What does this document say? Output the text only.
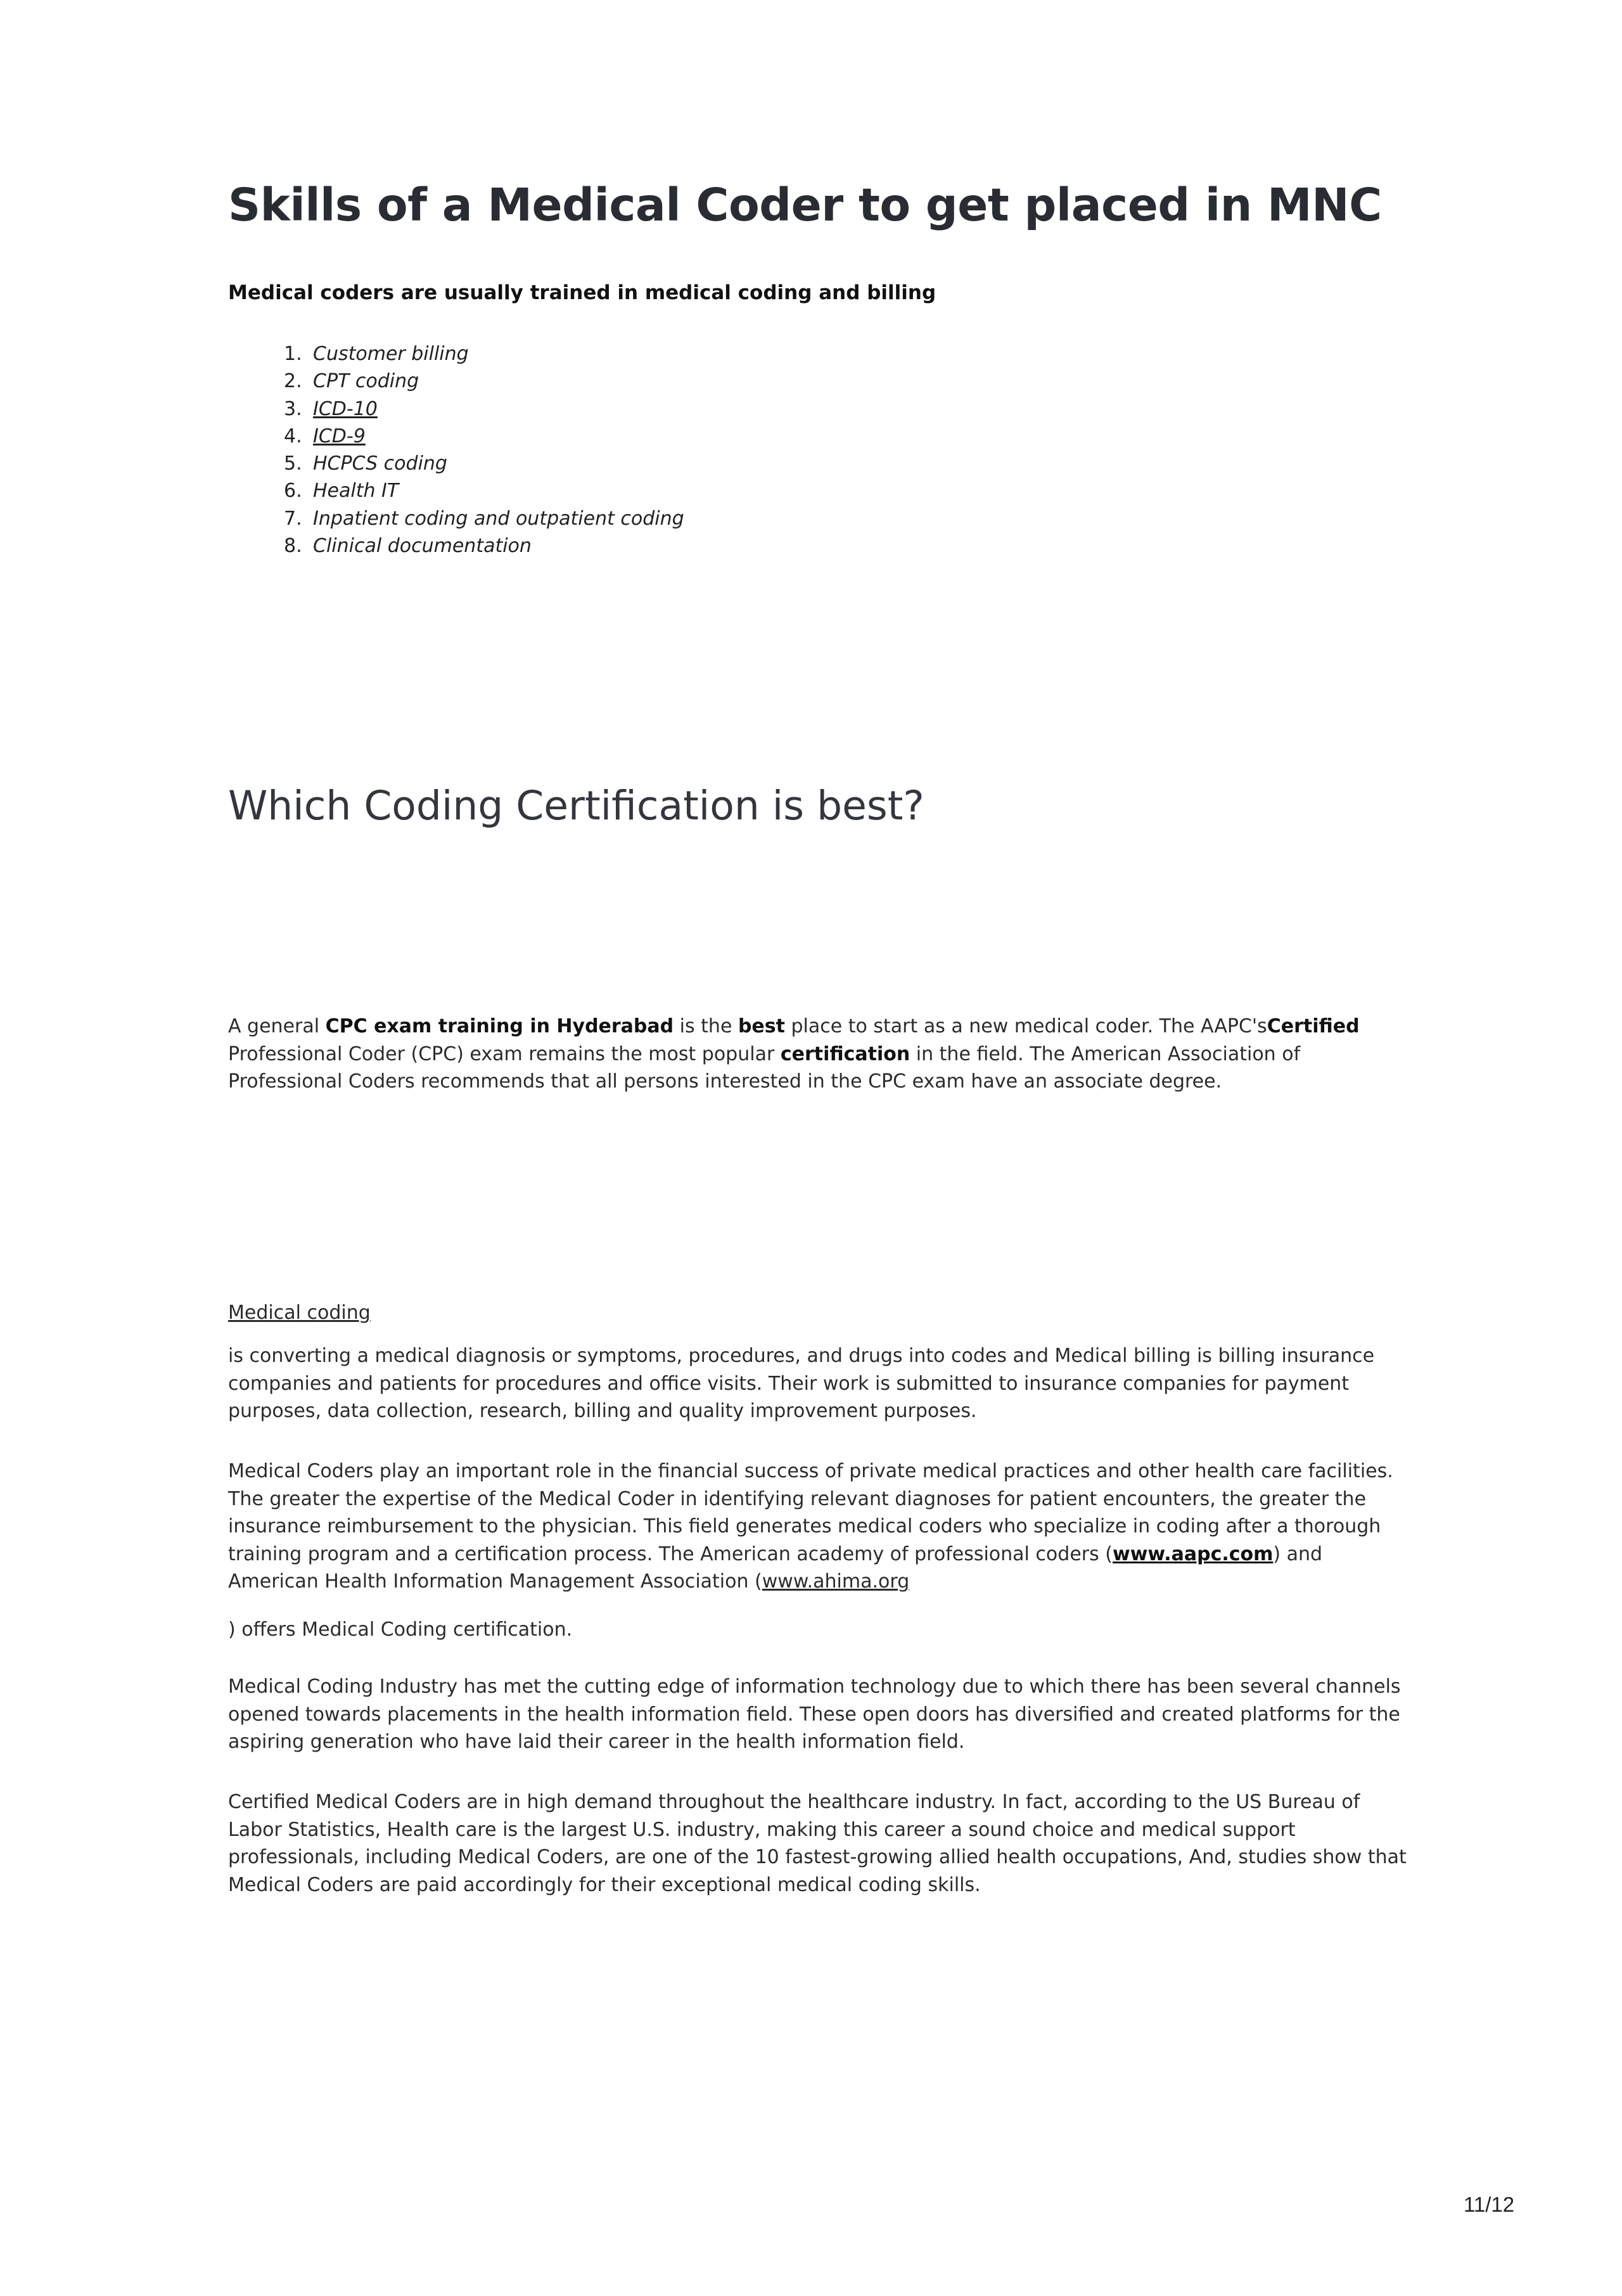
Skills of a Medical Coder to get placed in MNC
Medical coders are usually trained in medical coding and billing
1. Customer billing
2. CPT coding
3. ICD-10
4. ICD-9
5. HCPCS coding
6. Health IT
7. Inpatient coding and outpatient coding
8. Clinical documentation
Which Coding Certification is best?

A general CPC exam training in Hyderabad is the best place to start as a new medical coder. The AAPC'sCertified Professional Coder (CPC) exam remains the most popular certification in the field. The American Association of Professional Coders recommends that all persons interested in the CPC exam have an associate degree.

Medical coding

is converting a medical diagnosis or symptoms, procedures, and drugs into codes and Medical billing is billing insurance companies and patients for procedures and office visits. Their work is submitted to insurance companies for payment purposes, data collection, research, billing and quality improvement purposes.

Medical Coders play an important role in the financial success of private medical practices and other health care facilities. The greater the expertise of the Medical Coder in identifying relevant diagnoses for patient encounters, the greater the insurance reimbursement to the physician. This field generates medical coders who specialize in coding after a thorough training program and a certification process. The American academy of professional coders (www.aapc.com) and American Health Information Management Association (www.ahima.org

) offers Medical Coding certification.

Medical Coding Industry has met the cutting edge of information technology due to which there has been several channels opened towards placements in the health information field. These open doors has diversified and created platforms for the aspiring generation who have laid their career in the health information field.

Certified Medical Coders are in high demand throughout the healthcare industry. In fact, according to the US Bureau of Labor Statistics, Health care is the largest U.S. industry, making this career a sound choice and medical support professionals, including Medical Coders, are one of the 10 fastest-growing allied health occupations, And, studies show that Medical Coders are paid accordingly for their exceptional medical coding skills.

11/12
